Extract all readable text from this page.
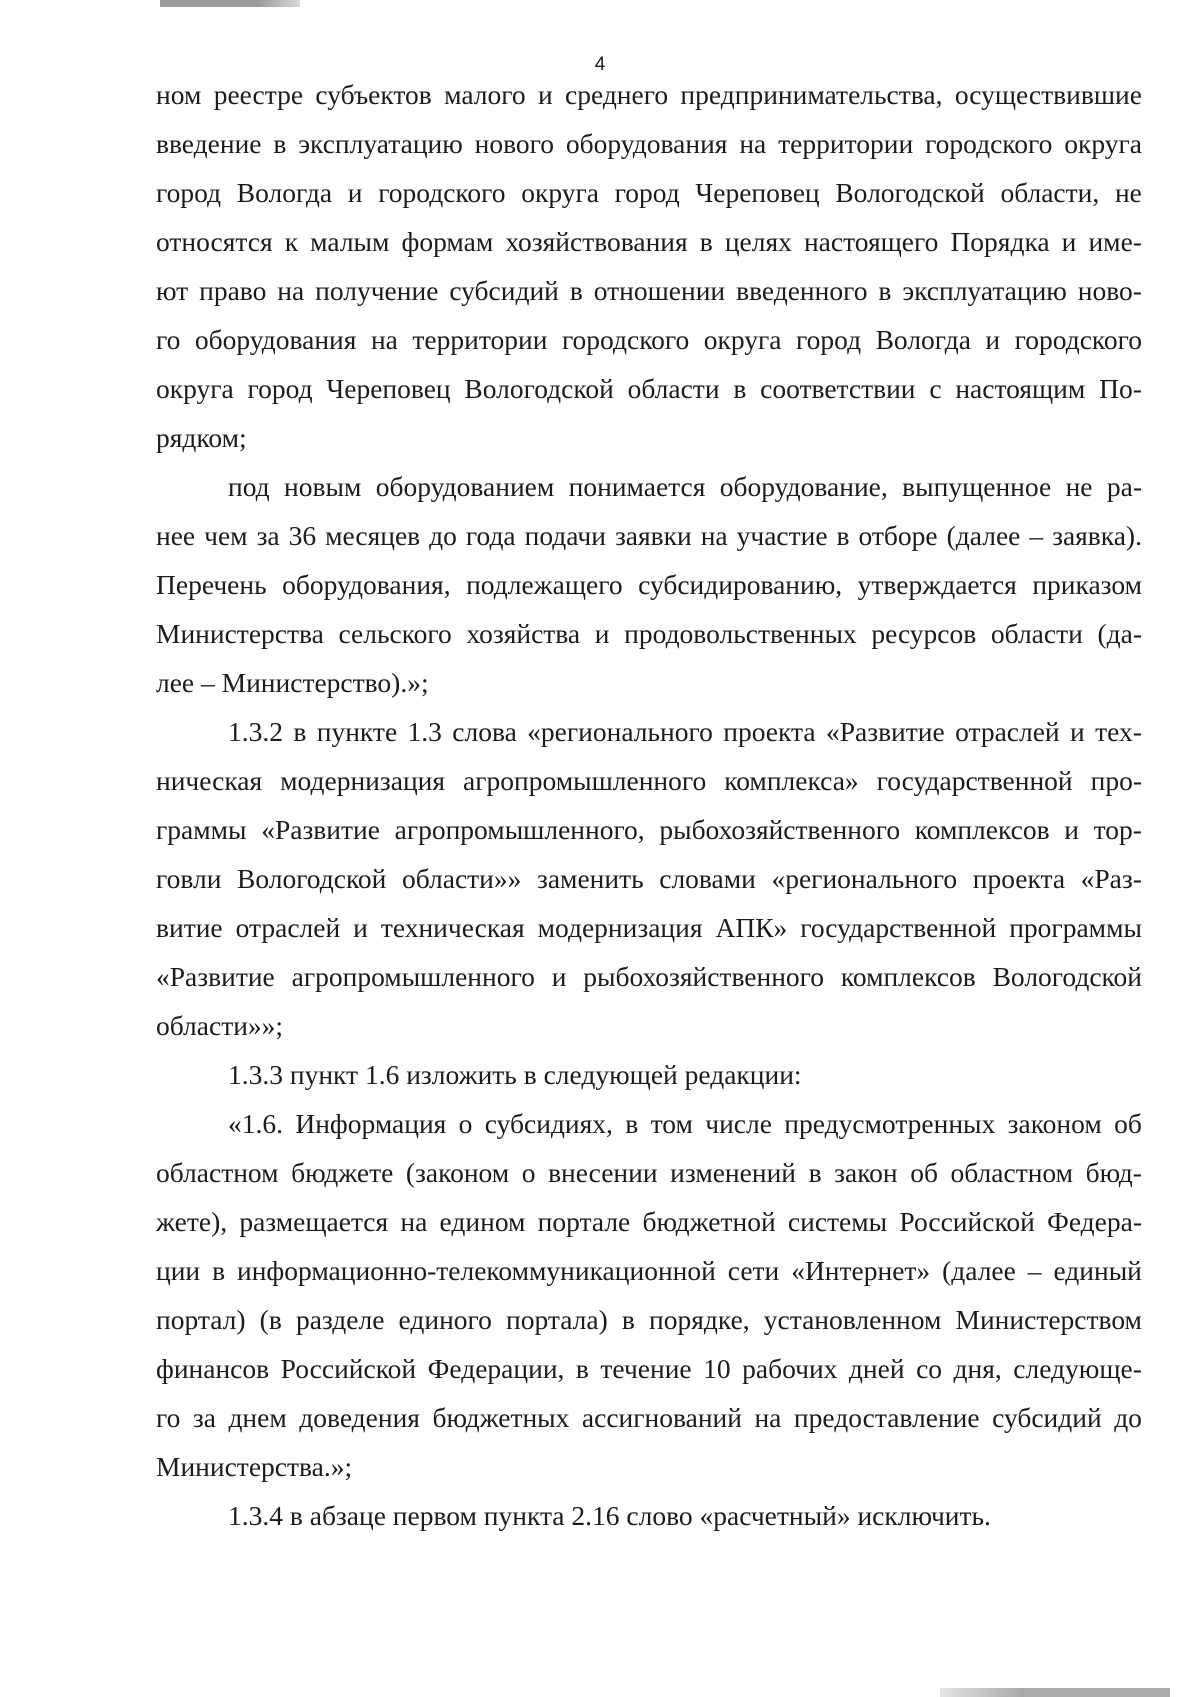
4
ном реестре субъектов малого и среднего предпринимательства, осуществившие
введение в эксплуатацию нового оборудования на территории городского округа
город Вологда и городского округа город Череповец Вологодской области, не
относятся к малым формам хозяйствования в целях настоящего Порядка и име-
ют право на получение субсидий в отношении введенного в эксплуатацию ново-
го оборудования на территории городского округа город Вологда и городского
округа город Череповец Вологодской области в соответствии с настоящим По-
рядком;
под новым оборудованием понимается оборудование, выпущенное не ра-
нее чем за 36 месяцев до года подачи заявки на участие в отборе (далее – заявка).
Перечень оборудования, подлежащего субсидированию, утверждается приказом
Министерства сельского хозяйства и продовольственных ресурсов области (да-
лее – Министерство).»;
1.3.2 в пункте 1.3 слова «регионального проекта «Развитие отраслей и тех-
ническая модернизация агропромышленного комплекса» государственной про-
граммы «Развитие агропромышленного, рыбохозяйственного комплексов и тор-
говли Вологодской области»» заменить словами «регионального проекта «Раз-
витие отраслей и техническая модернизация АПК» государственной программы
«Развитие агропромышленного и рыбохозяйственного комплексов Вологодской
области»»;
1.3.3 пункт 1.6 изложить в следующей редакции:
«1.6. Информация о субсидиях, в том числе предусмотренных законом об
областном бюджете (законом о внесении изменений в закон об областном бюд-
жете), размещается на едином портале бюджетной системы Российской Федера-
ции в информационно-телекоммуникационной сети «Интернет» (далее – единый
портал) (в разделе единого портала) в порядке, установленном Министерством
финансов Российской Федерации, в течение 10 рабочих дней со дня, следующе-
го за днем доведения бюджетных ассигнований на предоставление субсидий до
Министерства.»;
1.3.4 в абзаце первом пункта 2.16 слово «расчетный» исключить.
